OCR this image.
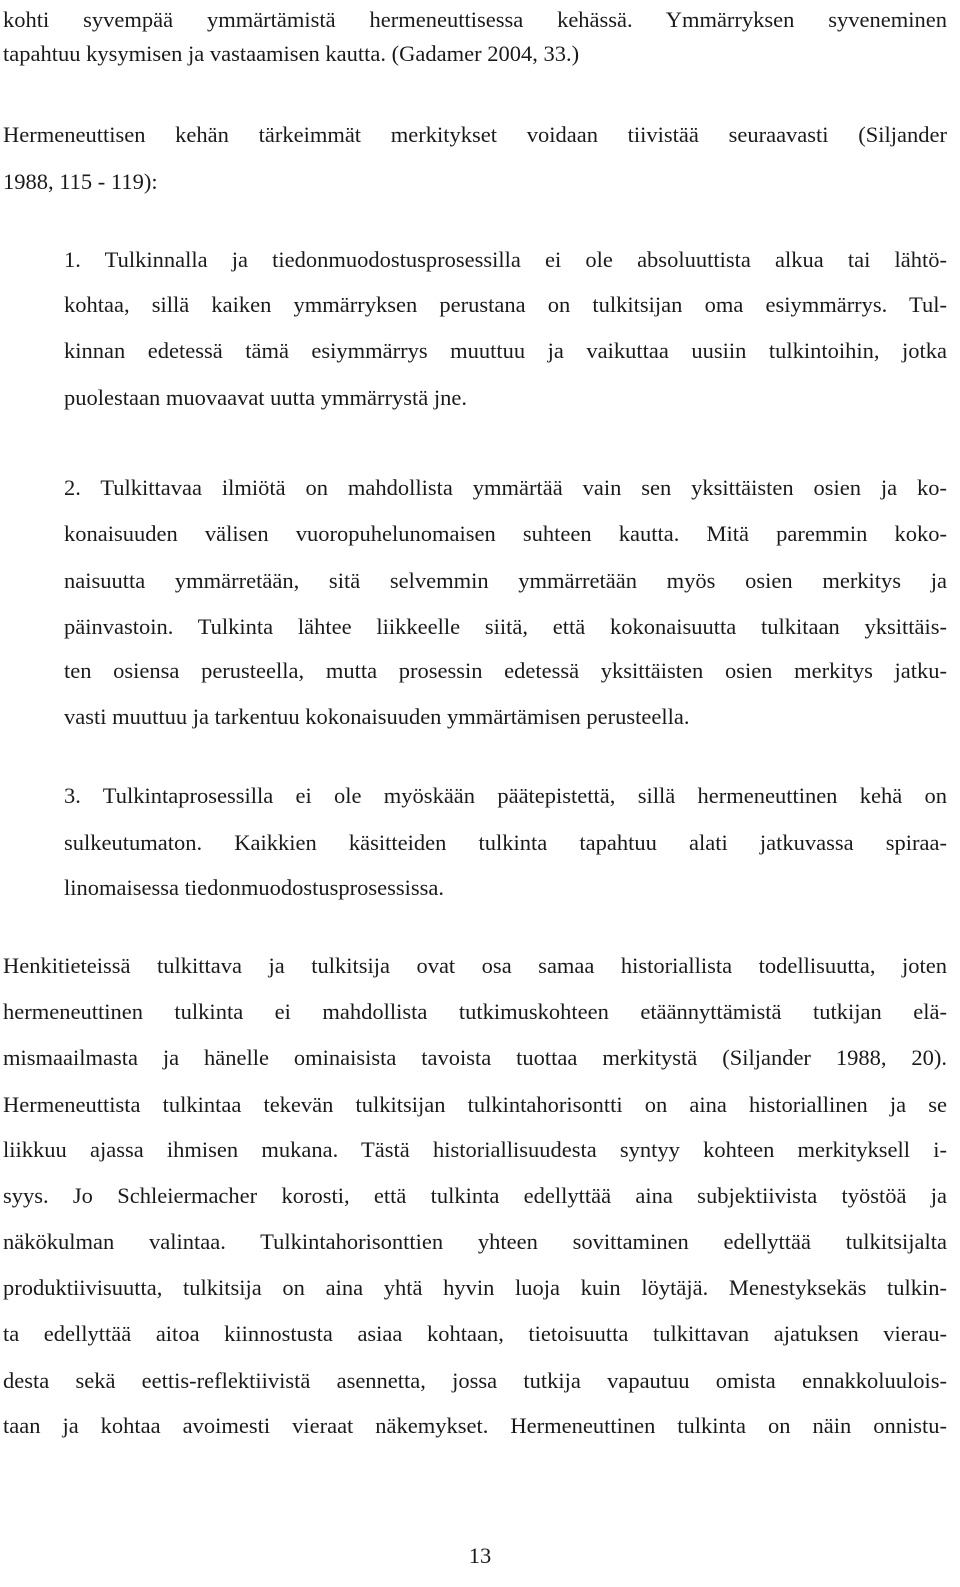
kohti syvempää ymmärtämistä hermeneuttisessa kehässä. Ymmärryksen syveneminen
tapahtuu kysymisen ja vastaamisen kautta. (Gadamer 2004, 33.)
Hermeneuttisen kehän tärkeimmät merkitykset voidaan tiivistää seuraavasti (Siljander
1988, 115 - 119):
1. Tulkinnalla ja tiedonmuodostusprosessilla ei ole absoluuttista alkua tai lähtö-
kohtaa, sillä kaiken ymmärryksen perustana on tulkitsijan oma esiymmärrys. Tul-
kinnan edetessä tämä esiymmärrys muuttuu ja vaikuttaa uusiin tulkintoihin, jotka
puolestaan muovaavat uutta ymmärrystä jne.
2. Tulkittavaa ilmiötä on mahdollista ymmärtää vain sen yksittäisten osien ja ko-
konaisuuden välisen vuoropuhelunomaisen suhteen kautta. Mitä paremmin koko-
naisuutta ymmärretään, sitä selvemmin ymmärretään myös osien merkitys ja
päinvastoin. Tulkinta lähtee liikkeelle siitä, että kokonaisuutta tulkitaan yksittäis-
ten osiensa perusteella, mutta prosessin edetessä yksittäisten osien merkitys jatku-
vasti muuttuu ja tarkentuu kokonaisuuden ymmärtämisen perusteella.
3. Tulkintaprosessilla ei ole myöskään päätepistettä, sillä hermeneuttinen kehä on
sulkeutumaton. Kaikkien käsitteiden tulkinta tapahtuu alati jatkuvassa spiraa-
linomaisessa tiedonmuodostusprosessissa.
Henkitieteissä tulkittava ja tulkitsija ovat osa samaa historiallista todellisuutta, joten
hermeneuttinen tulkinta ei mahdollista tutkimuskohteen etäännyttämistä tutkijan elä-
mismaailmasta ja hänelle ominaisista tavoista tuottaa merkitystä (Siljander 1988, 20).
Hermeneuttista tulkintaa tekevän tulkitsijan tulkintahorisontti on aina historiallinen ja se
liikkuu ajassa ihmisen mukana. Tästä historiallisuudesta syntyy kohteen merkityksell i-
syys. Jo Schleiermacher korosti, että tulkinta edellyttää aina subjektiivista työstöä ja
näkökulman valintaa. Tulkintahorisonttien yhteen sovittaminen edellyttää tulkitsijalta
produktiivisuutta, tulkitsija on aina yhtä hyvin luoja kuin löytäjä. Menestyksekäs tulkin-
ta edellyttää aitoa kiinnostusta asiaa kohtaan, tietoisuutta tulkittavan ajatuksen vierau-
desta sekä eettis-reflektiivistä asennetta, jossa tutkija vapautuu omista ennakkoluulois-
taan ja kohtaa avoimesti vieraat näkemykset. Hermeneuttinen tulkinta on näin onnistu-
13
